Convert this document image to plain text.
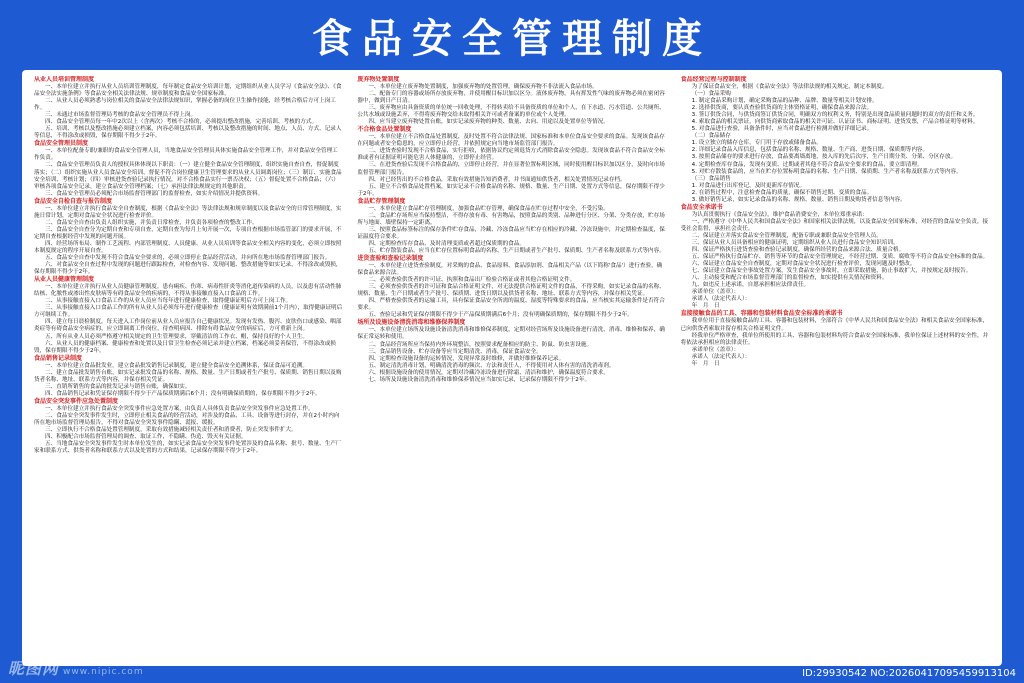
食品安全管理制度
从业人员培训管理制度
一、本单位建立并执行从业人员培训管理制度，每年制定食品安全培训计划，定期组织从业人员学习《食品安全法》、《食品安全法实施条例》等食品安全相关法律法规、规章制度和食品安全国家标准。
二、从业人员必须熟悉与岗位相关的食品安全法律法规知识，掌握必备的岗位卫生操作技能，经考核合格后方可上岗工作。
三、未通过市场监督管理局考核的食品安全管理员不得上岗。
四、食品安全管理员每一年中2次以上（含两次）考核不合格的，必须提出整改措施，完善培训、考核的方式。
五、培训、考核以及整改措施必须建立档案，内容必须包括培训、考核以及整改措施的时间、地点、人员、方式、记录人等信息，不得涂改或损毁，保存期限不得少于2年。
食品安全管理员制度
一、本单位配备专职/兼职的食品安全管理人员，当地食品安全管理员具体实施食品安全管理工作，并对食品安全管理工作负责。
二、食品安全管理员负责人的授权具体体现以下职责：（一）建立健全食品安全管理制度，组织实施自查自查，督促制度落实；（二）组织实施从业人员食品安全培训，督促不符合岗位健康卫生管理要求的从业人员调离岗位；（三）制订、实施食品安全培训、考核计划；（四）审核进货查验记录执行情况，对不合格食品实行一票否决权；（五）督促处置不合格食品；（六）审核各项食品安全记录，建立食品安全管理档案；（七）承担法律法规规定的其他职责。
三、食品安全管理员必须配合市场监督管理部门的监督检查，如实介绍情况并提供资料。
食品安全自检自查与报告制度
一、本单位建立并执行食品安全自查制度，根据《食品安全法》等法律法规和规章制度以及食品安全的日常管理制度，实施日常计划，定期对食品安全状况进行检查评价。
二、食品安全自查由负责人组织实施，并负责日常检查，并负责各项检查的整改工作。
三、食品安全自查分为定期自查和专项自查，定期自查为每月上旬开展一次，专项自查根据市场监管部门的要求开展，不定期自查根据经营中发现的问题开展。
四、经营场所布局、制作工艺流程、内部管理制度、人员健康、从业人员培训等食品安全相关内容的变化，必须立即按照本制度规定的程序开展自查。
五、食品安全自查中发现不符合食品安全要求的，必须立即停止食品经营活动，并向所在地市场监督管理部门报告。
六、对食品安全自查过程中发现的问题进行跟踪检查，对检查内容、发现问题、整改措施等如实记录，不得涂改或毁损，保存期限不得少于2年。
从业人员健康管理制度
一、本单位建立并执行从业人员健康管理制度。患有痢疾、伤寒、病毒性肝炎等消化道传染病的人员，以及患有活动性肺结核、化脓性或渗出性皮肤病等有碍食品安全的疾病的，不得从事接触直接入口食品的工作。
二、从事接触直接入口食品工作的从业人员应当每年进行健康检查，取得健康证明后方可上岗工作。
三、从事接触直接入口食品工作的所有从业人员必须每年进行健康检查（健康证明有效期满前1个月内），取得健康证明后方可继续工作。
四、建立每日晨检制度，每天进入工作岗位前从业人员应报告自己健康状况。发现有发热、腹泻、皮肤伤口或感染、咽部炎症等有碍食品安全病症的，应立即调离工作岗位，待查明病因、排除有碍食品安全的病症后，方可重新上岗。
五、所有从业人员必须严格遵守相关规定的卫生管理要求，穿戴清洁的工作衣、帽，保持良好的个人卫生。
六、从业人员的健康档案、健康检查和处置以及日常卫生检查必须记录并建立档案，档案必须妥善保管，不得涂改或损毁，保存期限不得少于2年。
食品销售记录制度
一、本单位建立食品批发业，建立食品批发销售记录制度，建立健全食品安全追溯体系，保证食品可追溯。
二、建立食品批发销售台账，如实记录批发食品的名称、规格、数量、生产日期或者生产批号、保质期、销售日期以及购货者名称、地址、联系方式等内容，并保存相关凭证。
三、直销所销售的食品的批发记录与销售台账，确保如实。
四、食品销售记录和凭证保存期限不得少于产品保质期满后6个月；没有明确保质期的，保存期限不得少于2年。
食品安全突发事件应急处置制度
一、本单位建立并执行食品安全突发事件应急处置方案，由负责人具体负责食品安全突发事件应急处置工作。
二、食品安全突发事件发生时，立即停止相关食品的经营活动，对涉及的食品、工具、设备等进行封存，并在2小时内向所在地市场监督管理局报告，不得对食品安全突发事件隐瞒、谎报、缓报。
三、立即执行不合格食品处置管理制度，采取有效措施减轻相关责任者和消费者，防止突发事件扩大。
四、积极配合市场监督管理局的调查、取证工作，不隐瞒、伪造、毁灭有关证据。
五、当地食品安全突发事件发生时本单位发生的，如实记录食品安全突发事件处置涉及的食品名称、批号、数量、生产厂家和联系方式、供货者名称和联系方式以及处置的方式和结果，记录保存期限不得少于2年。
废弃物处置制度
一、本单位建立废弃物处置制度，加强废弃物的处置管理，确保废弃物不非法流入食品市场。
二、配备专门的容器或场所存放废弃物，并使用醒目标识加以区分。液体废弃物，具有挥发性气味的废弃物必须在密闭容器中，做到日产日清。
三、废弃物应由具备资质的单位统一回收处理，不得转卖给不具备资质的单位和个人，在下水道、污水管道、公共厕所、公共水域或设施丢弃，不得将废弃物交给未取得相关许可或者备案的单位或个人处理。
四、应当建立废弃物处置台账，如实记录废弃物的种类、数量、去向、用途以及处置单位等情况。
不合格食品处置制度
一、本单位建立不合格食品处置制度，及时处置不符合法律法规、国家标准和本单位食品安全要求的食品。发现该食品存在问题或者安全隐患的，应立即停止经营，并依照规定向当地市场监管部门报告。
二、进货查验时发现不合格食品，实行拒收，依据协议约定须退货方式消除食品安全隐患。发现该食品不符合食品安全标准或者有证据证明可能危害人体健康的，立即停止经营。
三、在进货查验后发现不合格食品的，立即停止经营，并在显著位置标明区域，同时使用醒目标识加以区分，及时向市场监督管理部门报告。
四、对已经售出的不合格食品，采取有效措施告知消费者，并书面通知供货者，相关处置情况记录存档。
五、建立不合格食品处置档案，如实记录不合格食品的名称、规格、数量、生产日期、处置方式等信息，保存期限不得少于2年。
食品贮存管理制度
一、本单位建立食品贮存管理制度，加强食品贮存管理，确保食品在贮存过程中安全，不受污染。
二、食品贮存场所应当保持整洁，不得存放有毒、有害物品，按照食品的类别、品种进行分区、分架、分类存放，贮存场所与地面、墙壁保持一定距离。
三、按照食品标签标注的保存条件贮存食品，冷藏、冷冻食品应当贮存在相应的冷藏、冷冻设施中，并定期检查温度，保证温度符合要求。
四、定期检查库存食品，及时清理变质或者超过保质期的食品。
五、贮存散装食品，应当在贮存位置标明食品的名称、生产日期或者生产批号、保质期、生产者名称及联系方式等内容。
进货查验和查验记录制度
一、本单位建立进货查验制度，对采购的食品、食品原料、食品添加剂、食品相关产品（以下简称'食品'）进行查验，确保食品来源合法。
二、必须查验供货者的许可证、执照和食品出厂检验合格证或者其他合格证明文件。
三、必须查验供货者的许可证和食品合格证明文件，对无法提供合格证明文件的食品，不得采购。如实记录食品的名称、规格、数量、生产日期或者生产批号、保质期、进货日期以及供货者名称、地址、联系方式等内容，并保存相关凭证。
四、严格查验供货者的运输工具，具有保证食品安全所需的温度、湿度等特殊要求的食品，应当核实其运输条件是否符合要求。
五、查验记录和凭证保存期限不得少于产品保质期满后6个月；没有明确保质期的，保存期限不得少于2年。
场所及设施设备清洗消毒和维修保养制度
一、本单位建立场所及设施设备清洗消毒和维修保养制度，定期对经营场所及设施设备进行清洗、消毒、维修和保养，确保正常运转和使用。
二、食品经营场所应当保持内外环境整洁，按照要求配备相应的防尘、防鼠、防虫害设施。
三、食品销售设备、贮存设备等应当定期清洗、消毒，保证食品安全。
四、定期检查设施设备的运转情况，发现异常及时维修，并做好维修保养记录。
五、制定清洗消毒计划，明确清洗消毒的频次、方法和责任人，不得使用对人体有害的清洗消毒剂。
六、根据设施设备的使用情况，定期对冷藏冷冻设备进行除霜、清洁和维护，确保温度符合要求。
七、场所及设施设备清洗消毒和维修保养情况应当如实记录，记录保存期限不得少于2年。
食品经营过程与控制制度
为了保证食品安全，根据《食品安全法》等法律法规的相关规定，制定本制度。
（一）食品采购
1. 制定食品采购计划，确定采购食品的品种、品牌、数量等相关计划安排。
2. 选择供货商，要认真查验供货商的主体资格证明，确保食品来源合法。
3. 签订供货合同，与供货商签订供货合同，明确双方的权利义务，特别是出现食品质量问题时的双方的责任和义务。
4. 索取食品的相关票证，向供货商索取食品的相关许可证、认证证书、商标证明、进货发票，产品合格证明等材料。
5. 对食品进行查验，具备条件时，应当对食品进行检测并做好详细记录。
（二）食品储存
1. 设立独立的储存仓库，专门用于存放或储备食品。
2. 详细记录食品入库信息，包括食品的名称、规格、数量、生产商、进货日期、保质期等内容。
3. 按照食品储存的要求进行存放，食品要离墙离地，按入库的先后次序，生产日期分类、分架、分区存放。
4. 定期检查库存食品，发现有变质、过期或者其他不符合食品安全要求的食品，要立即清理。
5. 对贮存散装食品的，应当在贮存位置标明食品的名称、生产日期、保质期、生产者名称及联系方式等内容。
（三）食品销售
1. 对食品进行出库登记，及时更新库存情况。
2. 在销售过程中，注意检查食品的质量，确保不销售过期、变质的食品。
3. 做好销售记录，如实记录食品的名称、规格、数量、销售日期及购货者信息等内容。
食品安全承诺书
为认真贯彻执行《食品安全法》，维护食品消费安全，本单位郑重承诺：
一、严格遵守《中华人民共和国食品安全法》和国家相关法律法规，以及食品安全国家标准，对经营的食品安全负责，接受社会监督，承担社会责任。
二、保证建立并落实食品安全管理制度，配备专职或兼职食品安全管理人员。
三、保证从业人员具备相应的健康证明，定期组织从业人员进行食品安全知识培训。
四、保证严格执行进货查验和查验记录制度，确保所经营的食品来源合法、质量合格。
五、保证严格执行食品贮存、销售等环节的食品安全管理规定，不经营过期、变质、腐败等不符合食品安全标准的食品。
六、保证建立食品安全自查制度，定期对食品安全状况进行检查评价，发现问题及时整改。
七、保证建立食品安全事故处置方案，发生食品安全事故时，立即采取措施，防止事故扩大，并按规定及时报告。
八、主动接受和配合市场监督管理部门的监督检查，如实提供有关情况和资料。
九、如违反上述承诺，自愿承担相应法律责任。
承诺单位（盖章）：
承诺人（法定代表人）：
年　月　日
直接接触食品的工具、容器和包装材料食品安全标准的承诺书
我单位用于直接接触食品的工具、容器和包装材料，全部符合《中华人民共和国食品安全法》和相关食品安全国家标准，已向供货者索取并留存相关合格证明文件。
经我单位严格审查，我单位所使用的工具、容器和包装材料均符合食品安全国家标准，我单位保证上述材料的安全性，并将依法承担相应的法律责任。
承诺单位（盖章）：
承诺人（法定代表人）：
年　月　日
昵图网 www.nipic.com	ID:29930542 NO:20260417095459913104
